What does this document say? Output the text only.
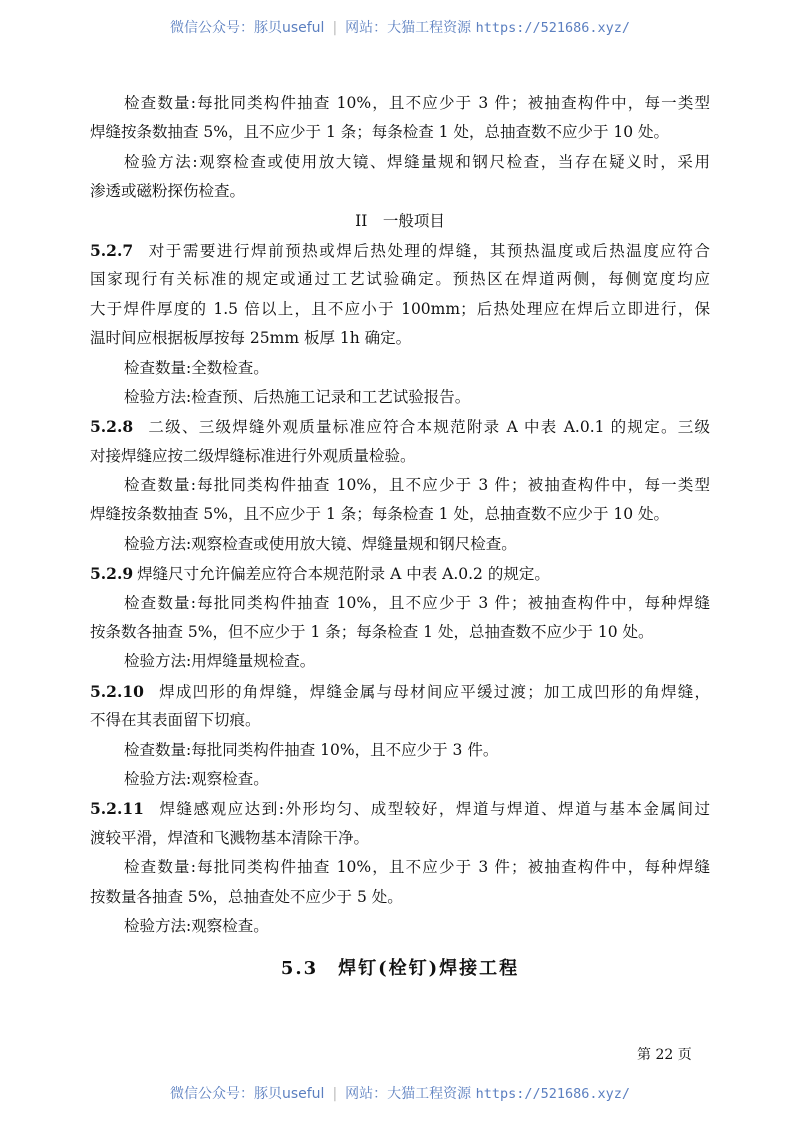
微信公众号：豚贝useful | 网站：大猫工程资源 https://521686.xyz/
检查数量:每批同类构件抽查 10%，且不应少于 3 件；被抽查构件中，每一类型
焊缝按条数抽查 5%，且不应少于 1 条；每条检查 1 处，总抽查数不应少于 10 处。
检验方法:观察检查或使用放大镜、焊缝量规和钢尺检查，当存在疑义时，采用
渗透或磁粉探伤检查。
II　一般项目
5.2.7 对于需要进行焊前预热或焊后热处理的焊缝，其预热温度或后热温度应符合
国家现行有关标准的规定或通过工艺试验确定。预热区在焊道两侧，每侧宽度均应
大于焊件厚度的 1.5 倍以上，且不应小于 100mm；后热处理应在焊后立即进行，保
温时间应根据板厚按每 25mm 板厚 1h 确定。
检查数量:全数检查。
检验方法:检查预、后热施工记录和工艺试验报告。
5.2.8 二级、三级焊缝外观质量标准应符合本规范附录 A 中表 A.0.1 的规定。三级
对接焊缝应按二级焊缝标准进行外观质量检验。
检查数量:每批同类构件抽查 10%，且不应少于 3 件；被抽查构件中，每一类型
焊缝按条数抽查 5%，且不应少于 1 条；每条检查 1 处，总抽查数不应少于 10 处。
检验方法:观察检查或使用放大镜、焊缝量规和钢尺检查。
5.2.9 焊缝尺寸允许偏差应符合本规范附录 A 中表 A.0.2 的规定。
检查数量:每批同类构件抽查 10%，且不应少于 3 件；被抽查构件中，每种焊缝
按条数各抽查 5%，但不应少于 1 条；每条检查 1 处，总抽查数不应少于 10 处。
检验方法:用焊缝量规检查。
5.2.10 焊成凹形的角焊缝，焊缝金属与母材间应平缓过渡；加工成凹形的角焊缝，
不得在其表面留下切痕。
检查数量:每批同类构件抽查 10%，且不应少于 3 件。
检验方法:观察检查。
5.2.11 焊缝感观应达到:外形均匀、成型较好，焊道与焊道、焊道与基本金属间过
渡较平滑，焊渣和飞溅物基本清除干净。
检查数量:每批同类构件抽查 10%，且不应少于 3 件；被抽查构件中，每种焊缝
按数量各抽查 5%，总抽查处不应少于 5 处。
检验方法:观察检查。
5.3　焊钉(栓钉)焊接工程
第 22 页
微信公众号：豚贝useful | 网站：大猫工程资源 https://521686.xyz/
